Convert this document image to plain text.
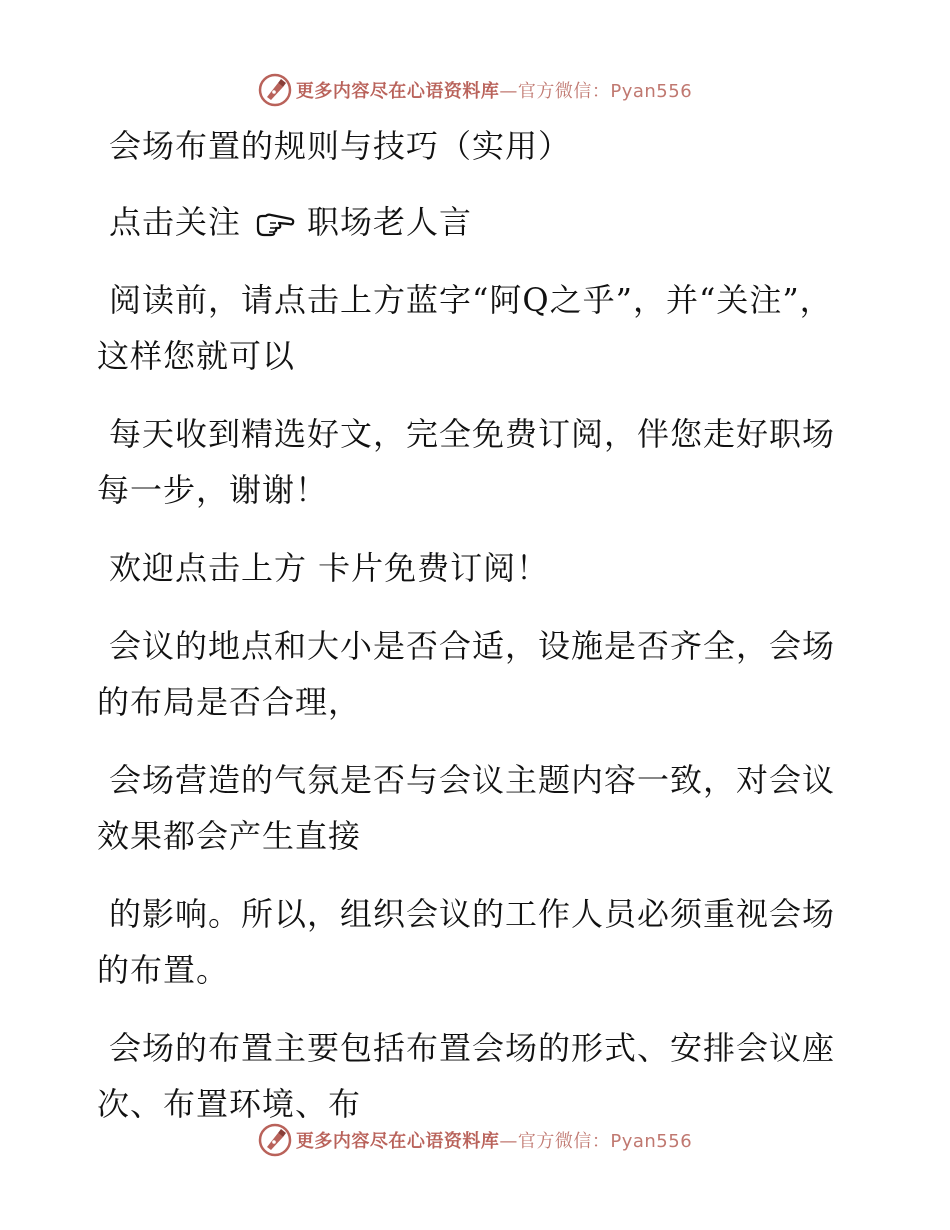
更多内容尽在心语资料库—官方微信：Pyan556

会场布置的规则与技巧（实用）

点击关注 职场老人言

阅读前，请点击上方蓝字“阿Q之乎”，并“关注”，这样您就可以

每天收到精选好文，完全免费订阅，伴您走好职场每一步，谢谢！

欢迎点击上方 卡片免费订阅！

会议的地点和大小是否合适，设施是否齐全，会场的布局是否合理，

会场营造的气氛是否与会议主题内容一致，对会议效果都会产生直接

的影响。所以，组织会议的工作人员必须重视会场的布置。

会场的布置主要包括布置会场的形式、安排会议座次、布置环境、布

更多内容尽在心语资料库—官方微信：Pyan556
